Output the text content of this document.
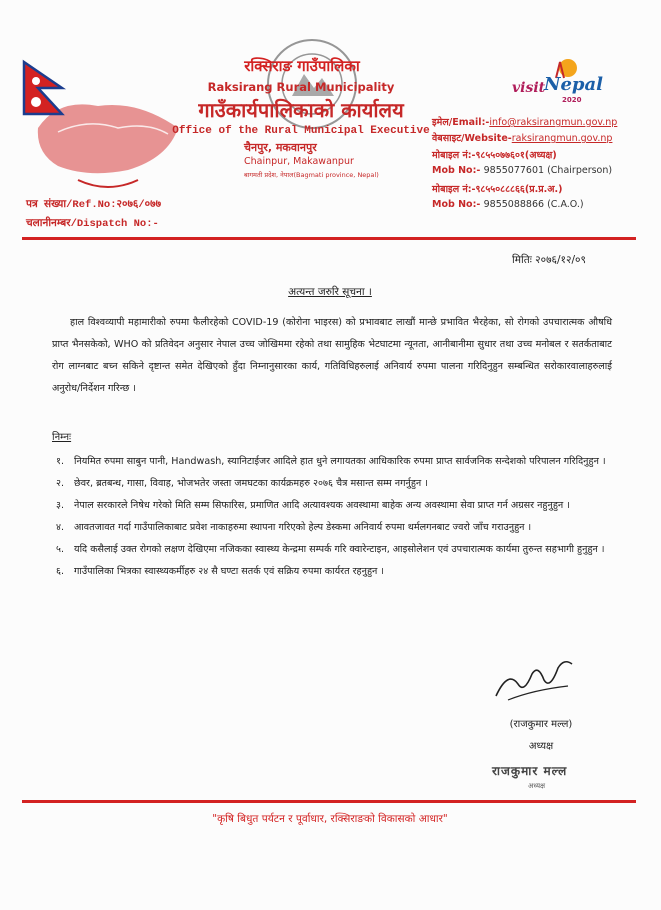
visit
Nepal
2020
रक्सिराङ गाउँपालिका
Raksirang Rural Municipality
गाउँकार्यपालिकाको कार्यालय
Office of the Rural Municipal Executive
चैनपुर, मकवानपुर
Chainpur, Makawanpur
बागमती प्रदेश, नेपाल(Bagmati province, Nepal)
इमेल/Email:-info@raksirangmun.gov.np
वेबसाइट/Website-raksirangmun.gov.np
मोबाइल नं:-९८५५०७७६०१(अध्यक्ष)
Mob No:- 9855077601 (Chairperson)
मोबाइल नं:-९८५५०८८८६६(प्र.प्र.अ.)
Mob No:- 9855088866 (C.A.O.)
पत्र संख्या/Ref.No:२०७६/०७७
चलानीनम्बर/Dispatch No:-
मितिः २०७६/१२/०९
अत्यन्त जरुरि सूचना ।
हाल विश्वव्यापी महामारीको रुपमा फैलीरहेको COVID-19 (कोरोना भाइरस) को प्रभावबाट लाखौं मान्छे प्रभावित भैरहेका, सो रोगको उपचारात्मक औषधि प्राप्त भैनसकेको, WHO को प्रतिवेदन अनुसार नेपाल उच्च जोखिममा रहेको तथा सामुहिक भेटघाटमा न्यूनता, आनीबानीमा सुधार तथा उच्च मनोबल र सतर्कताबाट रोग लाग्नबाट बच्न सकिने दृष्टान्त समेत देखिएको हुँदा निम्नानुसारका कार्य, गतिविधिहरुलाई अनिवार्य रुपमा पालना गरिदिनुहुन सम्बन्धित सरोकारवालाहरुलाई अनुरोध/निर्देशन गरिन्छ ।
निम्नः
१. नियमित रुपमा साबुन पानी, Handwash, स्यानिटाईजर आदिले हात धुने लगायतका आधिकारिक रुपमा प्राप्त सार्वजनिक सन्देशको परिपालन गरिदिनुहुन ।
२. छेवर, ब्रतबन्ध, गासा, विवाह, भोजभतेर जस्ता जमघटका कार्यक्रमहरु २०७६ चैत्र मसान्त सम्म नगर्नुहुन ।
३. नेपाल सरकारले निषेध गरेको मिति सम्म सिफारिस, प्रमाणित आदि अत्यावश्यक अवस्थामा बाहेक अन्य अवस्थामा सेवा प्राप्त गर्न अग्रसर नहुनुहुन ।
४. आवतजावत गर्दा गाउँपालिकाबाट प्रवेश नाकाहरुमा स्थापना गरिएको हेल्प डेस्कमा अनिवार्य रुपमा थर्मलगनबाट ज्वरो जाँच गराउनुहुन ।
५. यदि कसैलाई उक्त रोगको लक्षण देखिएमा नजिकका स्वास्थ्य केन्द्रमा सम्पर्क गरि क्वारेन्टाइन, आइसोलेशन एवं उपचारात्मक कार्यमा तुरुन्त सहभागी हुनुहुन ।
६. गाउँपालिका भित्रका स्वास्थ्यकर्मीहरु २४ सै घण्टा सतर्क एवं सक्रिय रुपमा कार्यरत रहनुहुन ।
(राजकुमार मल्ल)
अध्यक्ष
राजकुमार मल्ल
अध्यक्ष
"कृषि बिधुत पर्यटन र पूर्वाधार, रक्सिराङको विकासको आधार"
